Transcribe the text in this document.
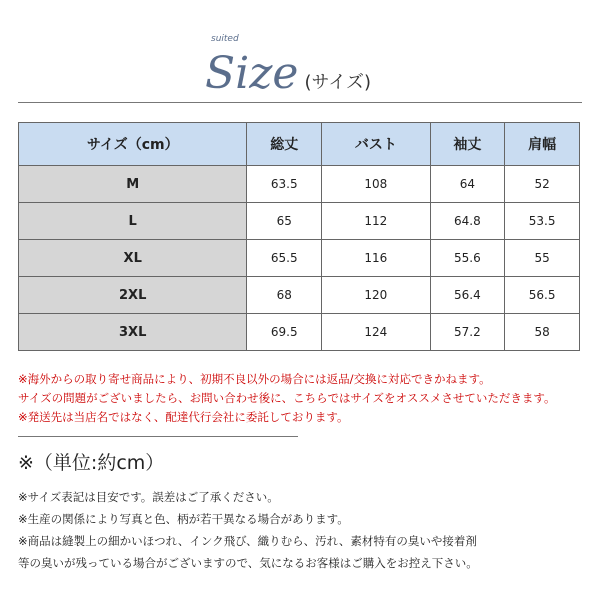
suited
Size (サイズ)
サイズ（cm）	総丈	バスト	袖丈	肩幅
M	63.5	108	64	52
L	65	112	64.8	53.5
XL	65.5	116	55.6	55
2XL	68	120	56.4	56.5
3XL	69.5	124	57.2	58
※海外からの取り寄せ商品により、初期不良以外の場合には返品/交換に対応できかねます。
サイズの問題がございましたら、お問い合わせ後に、こちらではサイズをオススメさせていただきます。
※発送先は当店名ではなく、配達代行会社に委託しております。
※（単位:約cm）
※サイズ表記は目安です。誤差はご了承ください。
※生産の関係により写真と色、柄が若干異なる場合があります。
※商品は縫製上の細かいほつれ、インク飛び、織りむら、汚れ、素材特有の臭いや接着剤
等の臭いが残っている場合がございますので、気になるお客様はご購入をお控え下さい。
